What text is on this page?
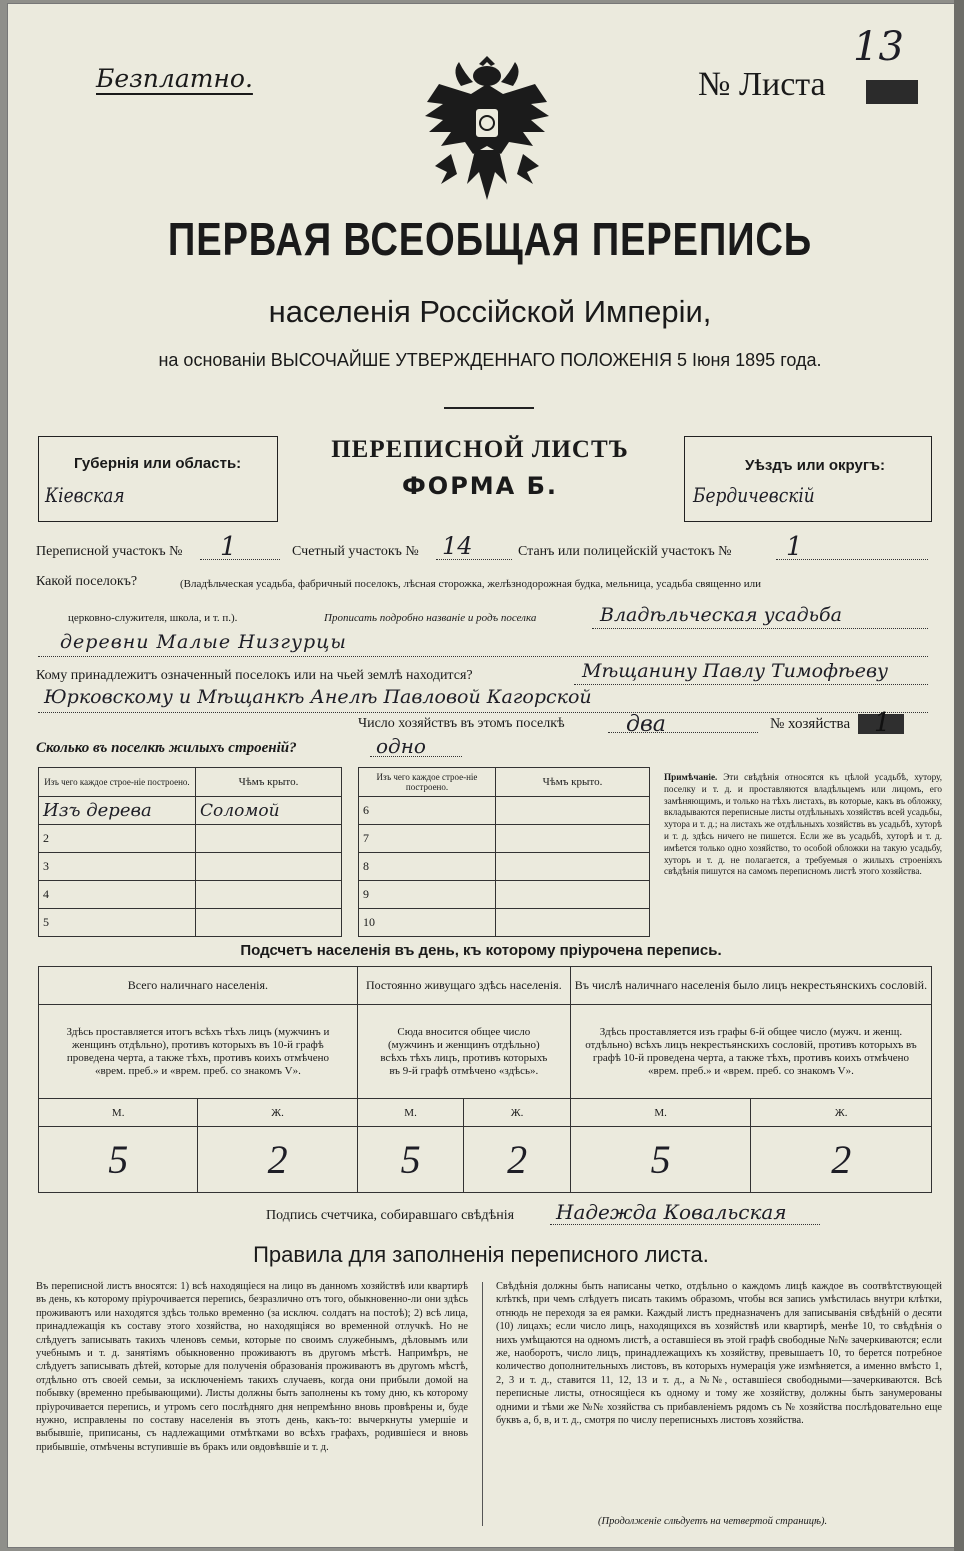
Безплатно.	№ Листа
13
ПЕРВАЯ ВСЕОБЩАЯ ПЕРЕПИСЬ
населенія Россійской Имперіи,
на основаніи ВЫСОЧАЙШЕ УТВЕРЖДЕННАГО ПОЛОЖЕНІЯ 5 Іюня 1895 года.
Губернія или область:
Кіевская
ПЕРЕПИСНОЙ ЛИСТЪ
ФОРМА Б.
Уѣздъ или округъ:
Бердичевскій
Переписной участокъ № 1	Счетный участокъ № 14	Станъ или полицейскій участокъ № 1
Какой поселокъ?	(Владѣльческая усадьба, фабричный поселокъ, лѣсная сторожка, желѣзнодорожная будка, мельница, усадьба священно или
церковно-служителя, школа, и т. п.).	Прописать подробно названіе и родъ поселка	Владѣльческая усадьба
деревни Малые Низгурцы
Кому принадлежитъ означенный поселокъ или на чьей землѣ находится?	Мѣщанину Павлу Тимофѣеву
Юрковскому и Мѣщанкѣ Анелѣ Павловой Кагорской
Число хозяйствъ въ этомъ поселкѣ	два	№ хозяйства 1
Сколько въ поселкѣ жилыхъ строеній?	одно
Изъ чего каждое строе-ніе построено.	Чѣмъ крыто.
Изъ дерева	Соломой
2	
3	
4	
5	
Изъ чего каждое строе-ніе построено.	Чѣмъ крыто.
6	
7	
8	
9	
10	
Примѣчаніе. Эти свѣдѣнія относятся къ цѣлой усадьбѣ, хутору, поселку и т. д. и проставляются владѣльцемъ или лицомъ, его замѣняющимъ, и только на тѣхъ листахъ, въ которые, какъ въ обложку, вкладываются переписные листы отдѣльныхъ хозяйствъ всей усадьбы, хутора и т. д.; на листахъ же отдѣльныхъ хозяйствъ въ усадьбѣ, хуторѣ и т. д. здѣсь ничего не пишется. Если же въ усадьбѣ, хуторѣ и т. д. имѣется только одно хозяйство, то особой обложки на такую усадьбу, хуторъ и т. д. не полагается, а требуемыя о жилыхъ строеніяхъ свѣдѣнія пишутся на самомъ переписномъ листѣ этого хозяйства.
Подсчетъ населенія въ день, къ которому пріурочена перепись.
Всего наличнаго населенія.		Постоянно живущаго здѣсь населенія.		Въ числѣ наличнаго населенія было лицъ некрестьянскихъ сословій.	
Здѣсь проставляется итогъ всѣхъ тѣхъ лицъ (мужчинъ и женщинъ отдѣльно), противъ которыхъ въ 10-й графѣ проведена черта, а также тѣхъ, противъ коихъ отмѣчено «врем. преб.» и «врем. преб. со знакомъ V».		Сюда вносится общее число (мужчинъ и женщинъ отдѣльно) всѣхъ тѣхъ лицъ, противъ которыхъ въ 9-й графѣ отмѣчено «здѣсь».		Здѣсь проставляется изъ графы 6-й общее число (мужч. и женщ. отдѣльно) всѣхъ лицъ некрестьянскихъ сословій, противъ которыхъ въ графѣ 10-й проведена черта, а также тѣхъ, противъ коихъ отмѣчено «врем. преб.» и «врем. преб. со знакомъ V».	
М.	Ж.	М.	Ж.	М.	Ж.
5	2	5	2	5	2
Подпись счетчика, собиравшаго свѣдѣнія Надежда Ковальская
Правила для заполненія переписного листа.
Въ переписной листъ вносятся: 1) всѣ находящіеся на лицо въ данномъ хозяйствѣ или квартирѣ въ день, къ которому пріурочивается перепись, безразлично отъ того, обыкновенно-ли они здѣсь проживаютъ или находятся здѣсь только временно (за исключ. солдатъ на постоѣ); 2) всѣ лица, принадлежащія къ составу этого хозяйства, но находящіяся во временной отлучкѣ. Но не слѣдуетъ записывать такихъ членовъ семьи, которые по своимъ служебнымъ, дѣловымъ или учебнымъ и т. д. занятіямъ обыкновенно проживаютъ въ другомъ мѣстѣ. Напримѣръ, не слѣдуетъ записывать дѣтей, которые для полученія образованія проживаютъ въ другомъ мѣстѣ, отдѣльно отъ своей семьи, за исключеніемъ такихъ случаевъ, когда они прибыли домой на побывку (временно пребывающими). Листы должны быть заполнены къ тому дню, къ которому пріурочивается перепись, и утромъ сего послѣдняго дня непремѣнно вновь провѣрены и, буде нужно, исправлены по составу населенія въ этотъ день, какъ-то: вычеркнуты умершіе и выбывшіе, приписаны, съ надлежащими отмѣтками во всѣхъ графахъ, родившіеся и вновь прибывшіе, отмѣчены вступившіе въ бракъ или овдовѣвшіе и т. д.
Свѣдѣнія должны быть написаны четко, отдѣльно о каждомъ лицѣ каждое въ соотвѣтствующей клѣткѣ, при чемъ слѣдуетъ писать такимъ образомъ, чтобы вся запись умѣстилась внутри клѣтки, отнюдь не переходя за ея рамки. Каждый листъ предназначенъ для записыванія свѣдѣній о десяти (10) лицахъ; если число лицъ, находящихся въ хозяйствѣ или квартирѣ, менѣе 10, то свѣдѣнія о нихъ умѣщаются на одномъ листѣ, а оставшіеся въ этой графѣ свободные №№ зачеркиваются; если же, наоборотъ, число лицъ, принадлежащихъ къ хозяйству, превышаетъ 10, то берется потребное количество дополнительныхъ листовъ, въ которыхъ нумерація уже измѣняется, а именно вмѣсто 1, 2, 3 и т. д., ставится 11, 12, 13 и т. д., а №№, оставшіеся свободными—зачеркиваются. Всѣ переписные листы, относящіеся къ одному и тому же хозяйству, должны быть занумерованы одними и тѣми же №№ хозяйства съ прибавленіемъ рядомъ съ № хозяйства послѣдовательно еще буквъ а, б, в, и т. д., смотря по числу переписныхъ листовъ хозяйства.
(Продолженіе слѣдуетъ на четвертой страницѣ).
